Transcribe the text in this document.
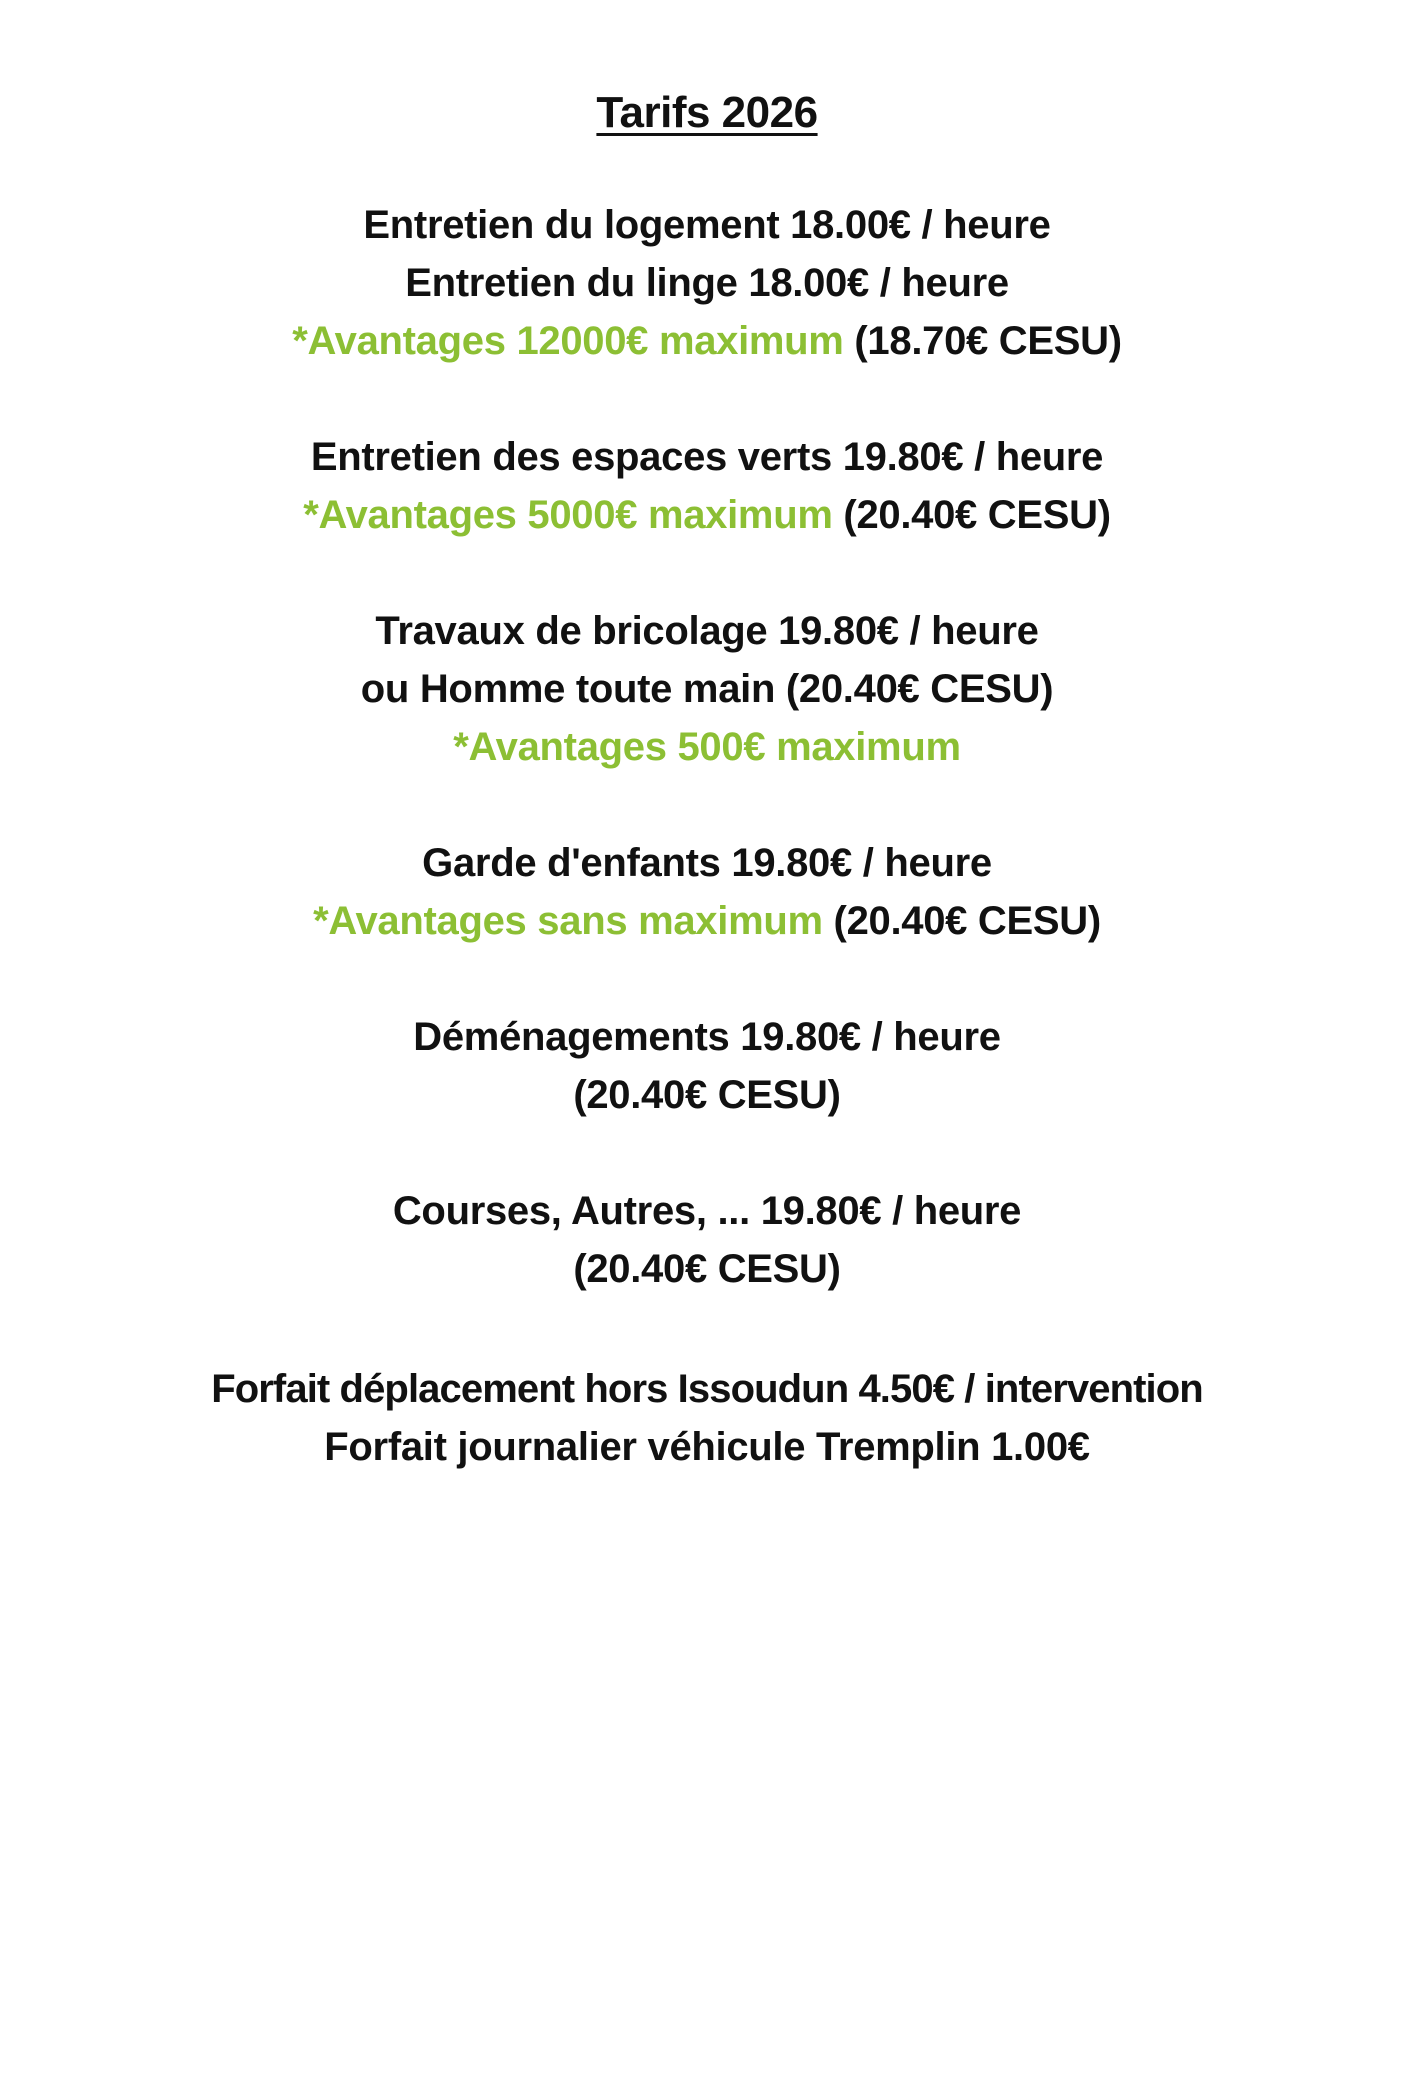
Tarifs 2026
Entretien du logement 18.00€ / heure
Entretien du linge 18.00€ / heure
*Avantages 12000€ maximum (18.70€ CESU)
Entretien des espaces verts 19.80€ / heure
*Avantages 5000€ maximum (20.40€ CESU)
Travaux de bricolage 19.80€ / heure
ou Homme toute main (20.40€ CESU)
*Avantages 500€ maximum
Garde d'enfants 19.80€ / heure
*Avantages sans maximum (20.40€ CESU)
Déménagements 19.80€ / heure
(20.40€ CESU)
Courses, Autres, ... 19.80€ / heure
(20.40€ CESU)
Forfait déplacement hors Issoudun 4.50€ / intervention
Forfait journalier véhicule Tremplin 1.00€
